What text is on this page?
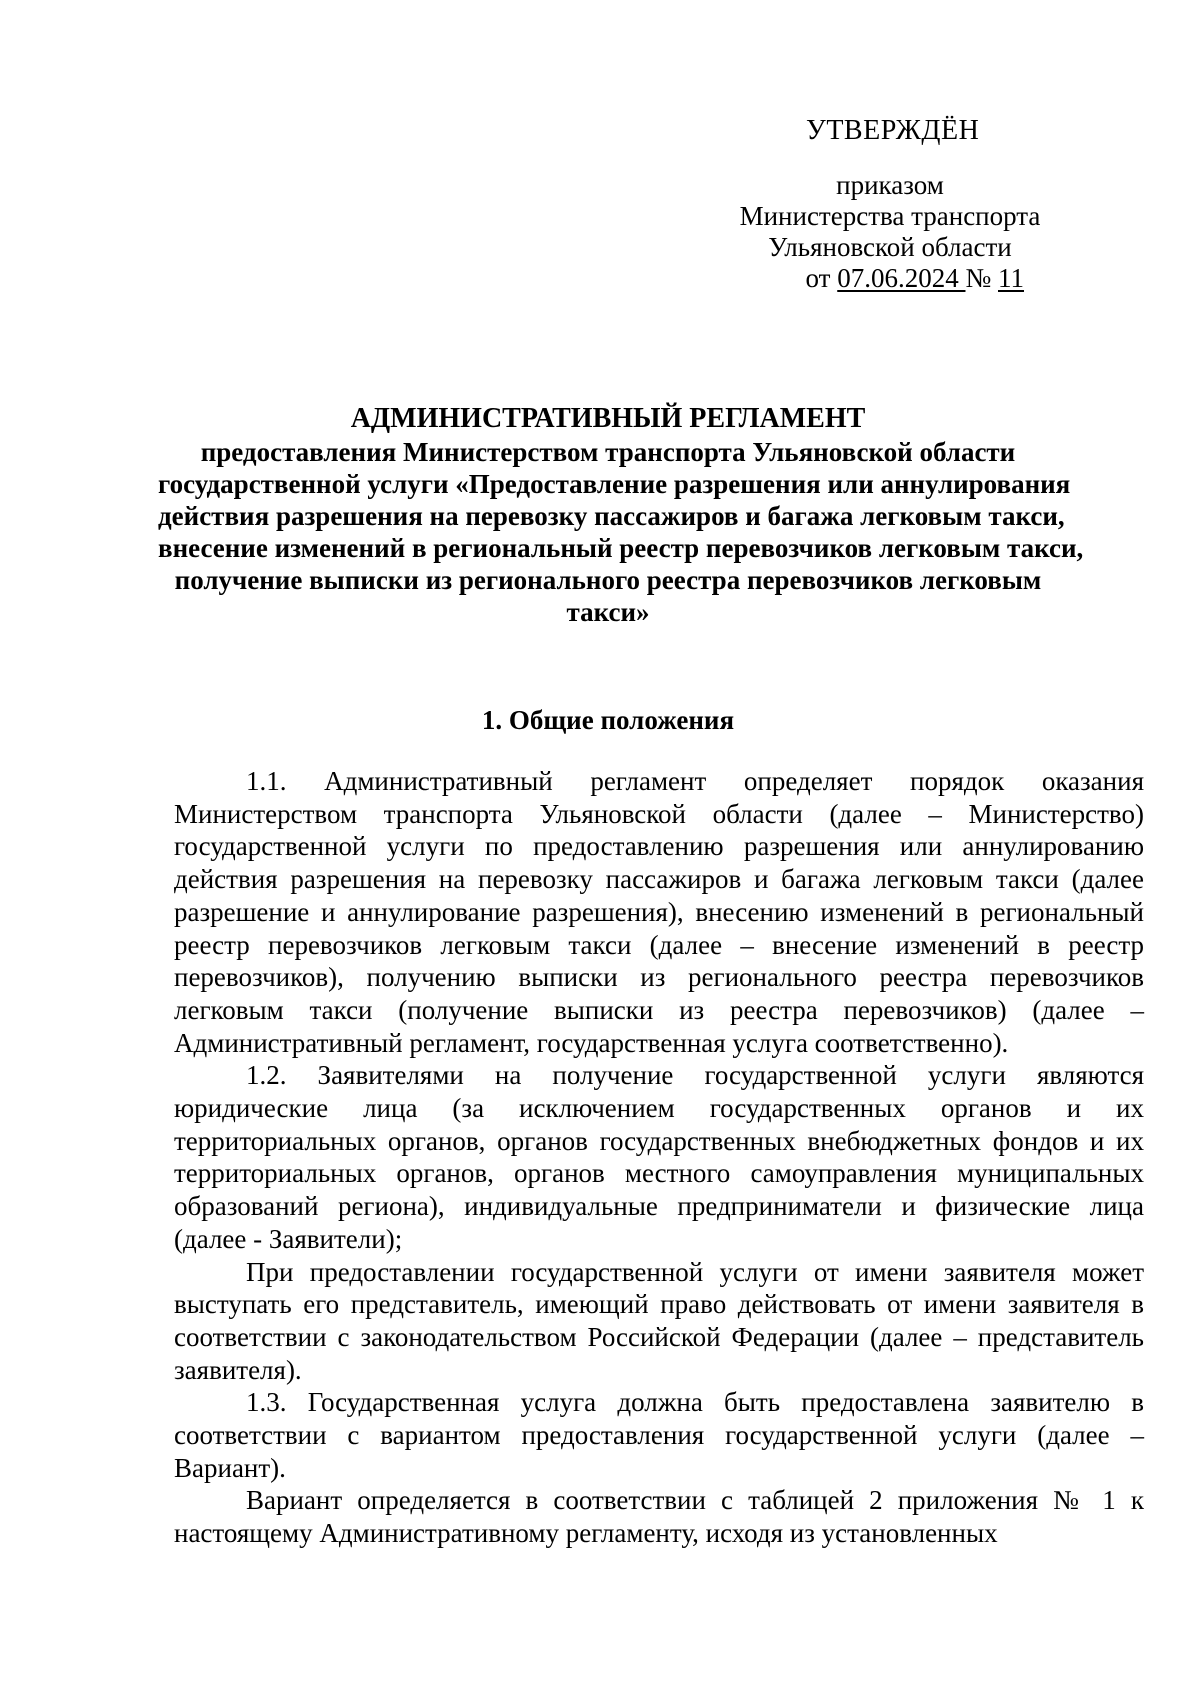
УТВЕРЖДЁН
приказом
Министерства транспорта
Ульяновской области
от 07.06.2024 № 11
АДМИНИСТРАТИВНЫЙ РЕГЛАМЕНТ
предоставления Министерством транспорта Ульяновской области
государственной услуги «Предоставление разрешения или аннулирования
действия разрешения на перевозку пассажиров и багажа легковым такси,
внесение изменений в региональный реестр перевозчиков легковым такси,
получение выписки из регионального реестра перевозчиков легковым
такси»
1. Общие положения

1.1. Административный регламент определяет порядок оказания Министерством транспорта Ульяновской области (далее – Министерство) государственной услуги по предоставлению разрешения или аннулированию действия разрешения на перевозку пассажиров и багажа легковым такси (далее разрешение и аннулирование разрешения), внесению изменений в региональный реестр перевозчиков легковым такси (далее – внесение изменений в реестр перевозчиков), получению выписки из регионального реестра перевозчиков легковым такси (получение выписки из реестра перевозчиков) (далее – Административный регламент, государственная услуга соответственно).

1.2. Заявителями на получение государственной услуги являются юридические лица (за исключением государственных органов и их территориальных органов, органов государственных внебюджетных фондов и их территориальных органов, органов местного самоуправления муниципальных образований региона), индивидуальные предприниматели и физические лица (далее - Заявители);

При предоставлении государственной услуги от имени заявителя может выступать его представитель, имеющий право действовать от имени заявителя в соответствии с законодательством Российской Федерации (далее – представитель заявителя).

1.3. Государственная услуга должна быть предоставлена заявителю в соответствии с вариантом предоставления государственной услуги (далее – Вариант).

Вариант определяется в соответствии с таблицей 2 приложения № 1 к настоящему Административному регламенту, исходя из установленных
